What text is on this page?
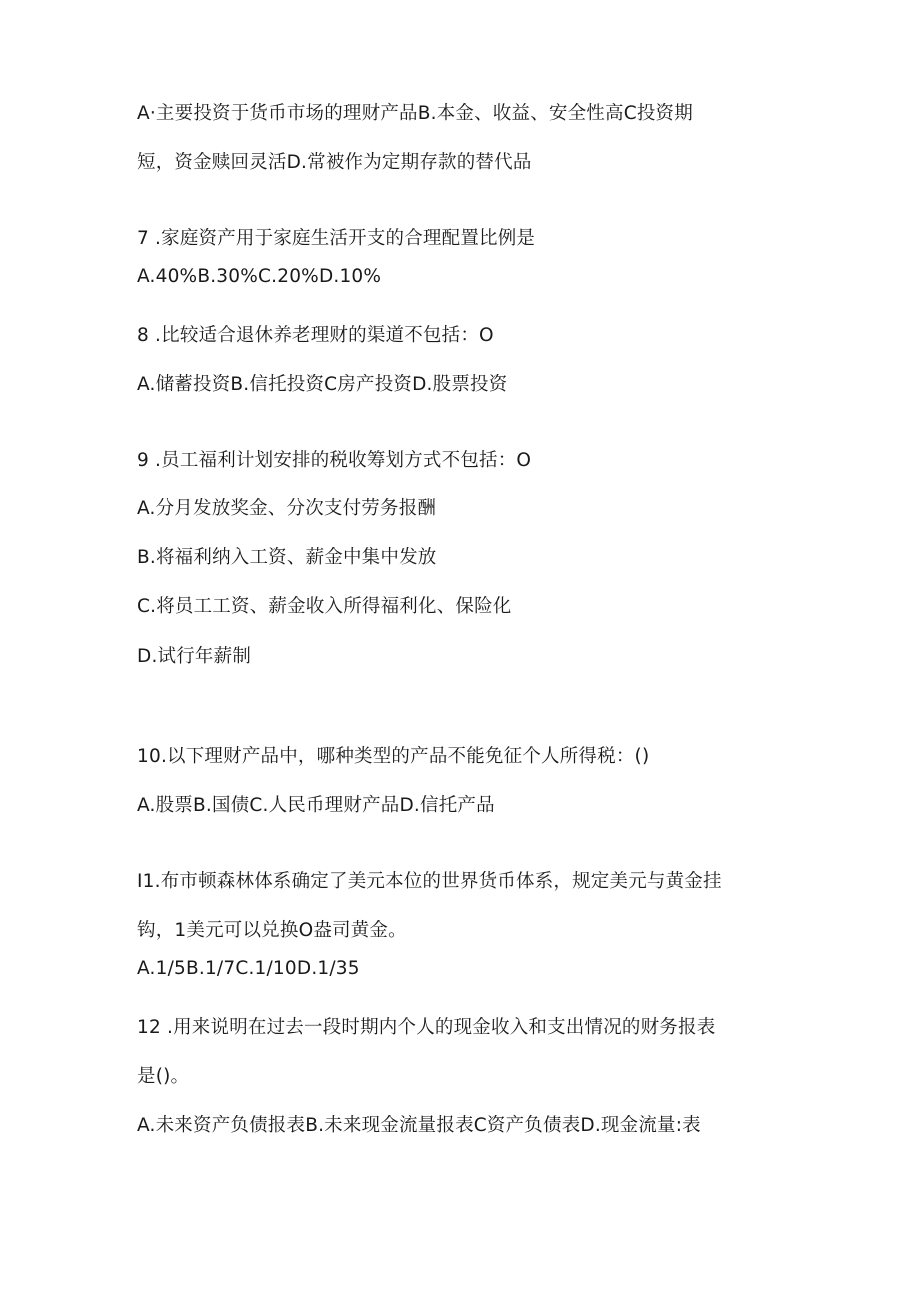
A·主要投资于货币市场的理财产品B.本金、收益、安全性高C投资期
短，资金赎回灵活D.常被作为定期存款的替代品
7 .家庭资产用于家庭生活开支的合理配置比例是
A.40%B.30%C.20%D.10%
8 .比较适合退休养老理财的渠道不包括：O
A.储蓄投资B.信托投资C房产投资D.股票投资
9 .员工福利计划安排的税收筹划方式不包括：O
A.分月发放奖金、分次支付劳务报酬
B.将福利纳入工资、薪金中集中发放
C.将员工工资、薪金收入所得福利化、保险化
D.试行年薪制
10.以下理财产品中，哪种类型的产品不能免征个人所得税：()
A.股票B.国债C.人民币理财产品D.信托产品
I1.布市顿森林体系确定了美元本位的世界货币体系，规定美元与黄金挂
钩，1美元可以兑换O盎司黄金。
A.1/5B.1/7C.1/10D.1/35
12 .用来说明在过去一段时期内个人的现金收入和支出情况的财务报表
是()。
A.未来资产负债报表B.未来现金流量报表C资产负债表D.现金流量:表
